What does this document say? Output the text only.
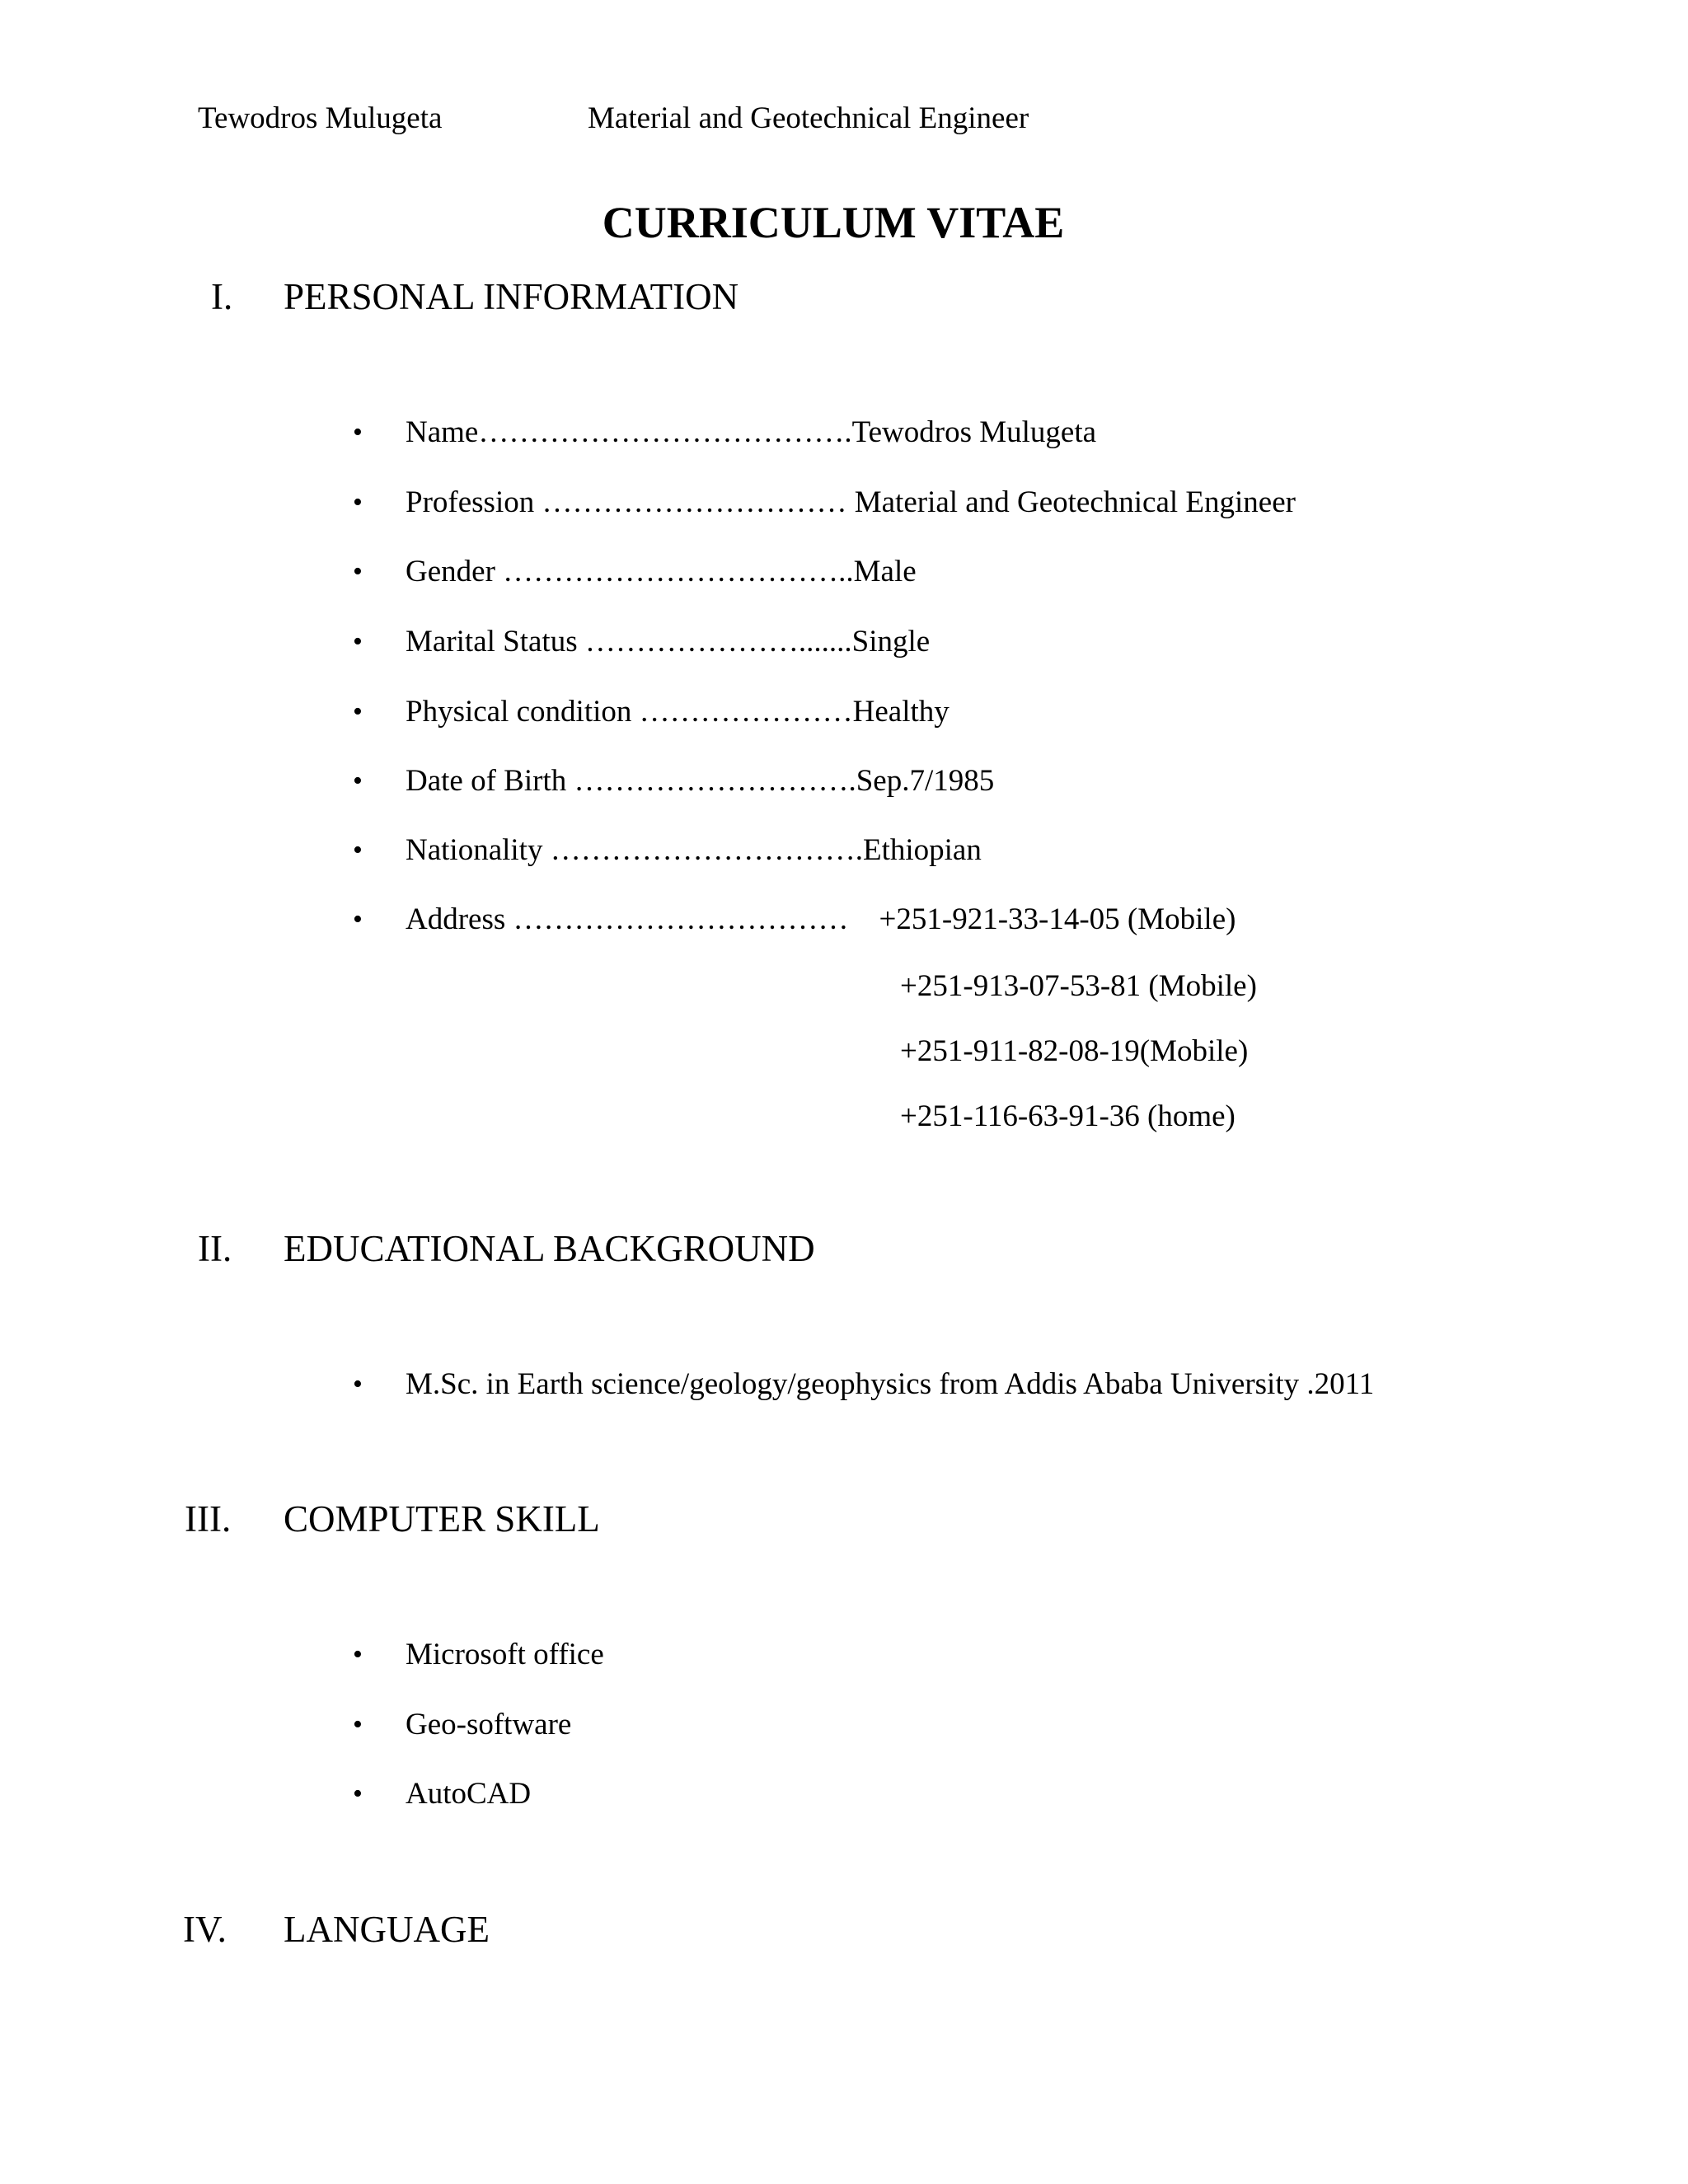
Tewodros Mulugeta	Material and Geotechnical Engineer
CURRICULUM VITAE
I. PERSONAL INFORMATION
• Name……………………………….Tewodros Mulugeta
• Profession ………………………… Material and Geotechnical Engineer
• Gender ……………………………..Male
• Marital Status ………………….......Single
• Physical condition …………………Healthy
• Date of Birth ……………………….Sep.7/1985
• Nationality ………………………….Ethiopian
• Address ……………………………    +251-921-33-14-05 (Mobile)
+251-913-07-53-81 (Mobile)
+251-911-82-08-19(Mobile)
+251-116-63-91-36 (home)
II. EDUCATIONAL BACKGROUND
• M.Sc. in Earth science/geology/geophysics from Addis Ababa University .2011
III. COMPUTER SKILL
• Microsoft office
• Geo-software
• AutoCAD
IV. LANGUAGE
